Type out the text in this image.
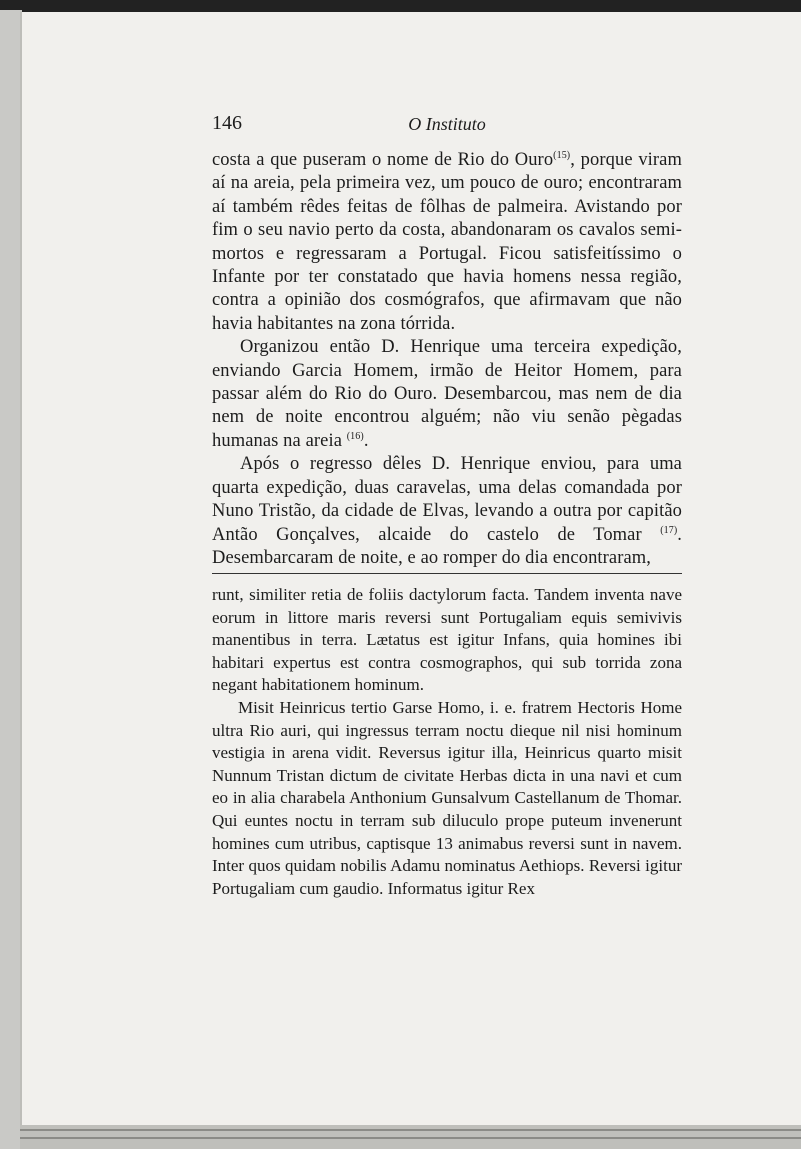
146	O Instituto

costa a que puseram o nome de Rio do Ouro$^{(15)}$, porque viram aí na areia, pela primeira vez, um pouco de ouro; encontraram aí também rêdes feitas de fôlhas de palmeira. Avistando por fim o seu navio perto da costa, abandonaram os cavalos semi-mortos e regressaram a Portugal. Ficou satisfeitíssimo o Infante por ter constatado que havia homens nessa região, contra a opinião dos cosmógrafos, que afirmavam que não havia habitantes na zona tórrida.

Organizou então D. Henrique uma terceira expedição, enviando Garcia Homem, irmão de Heitor Homem, para passar além do Rio do Ouro. Desembarcou, mas nem de dia nem de noite encontrou alguém; não viu senão pègadas humanas na areia $^{(16)}$.

Após o regresso dêles D. Henrique enviou, para uma quarta expedição, duas caravelas, uma delas comandada por Nuno Tristão, da cidade de Elvas, levando a outra por capitão Antão Gonçalves, alcaide do castelo de Tomar $^{(17)}$. Desembarcaram de noite, e ao romper do dia encontraram,

runt, similiter retia de foliis dactylorum facta. Tandem inventa nave eorum in littore maris reversi sunt Portugaliam equis semivivis manentibus in terra. Lætatus est igitur Infans, quia homines ibi habitari expertus est contra cosmographos, qui sub torrida zona negant habitationem hominum.

Misit Heinricus tertio Garse Homo, i. e. fratrem Hectoris Home ultra Rio auri, qui ingressus terram noctu dieque nil nisi hominum vestigia in arena vidit. Reversus igitur illa, Heinricus quarto misit Nunnum Tristan dictum de civitate Herbas dicta in una navi et cum eo in alia charabela Anthonium Gunsalvum Castellanum de Thomar. Qui euntes noctu in terram sub diluculo prope puteum invenerunt homines cum utribus, captisque 13 animabus reversi sunt in navem. Inter quos quidam nobilis Adamu nominatus Aethiops. Reversi igitur Portugaliam cum gaudio. Informatus igitur Rex
